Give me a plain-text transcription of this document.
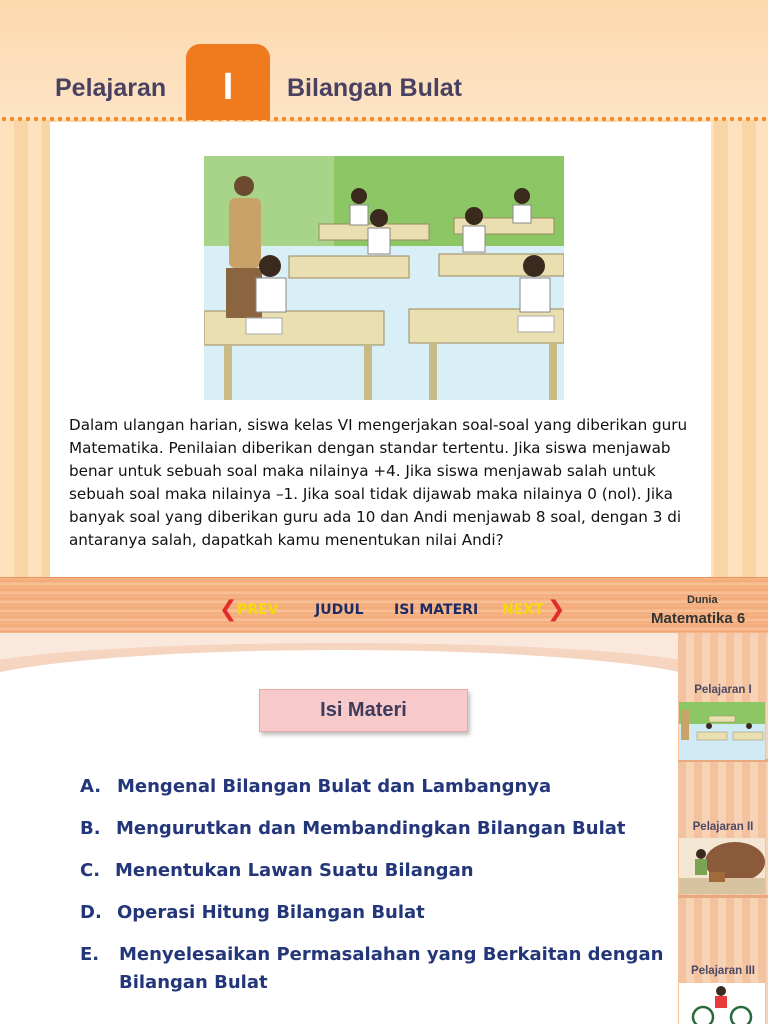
Pelajaran I Bilangan Bulat
Dalam ulangan harian, siswa kelas VI mengerjakan soal-soal yang diberikan guru
Matematika. Penilaian diberikan dengan standar tertentu. Jika siswa menjawab
benar untuk sebuah soal maka nilainya +4. Jika siswa menjawab salah untuk
sebuah soal maka nilainya –1. Jika soal tidak dijawab maka nilainya 0 (nol). Jika
banyak soal yang diberikan guru ada 10 dan Andi menjawab 8 soal, dengan 3 di
antaranya salah, dapatkah kamu menentukan nilai Andi?
❮ PREV	JUDUL ISI MATERI NEXT ❯	Dunia
Matematika 6
Pelajaran I
Pelajaran II
Pelajaran III
Isi Materi
A. Mengenal Bilangan Bulat dan Lambangnya
B. Mengurutkan dan Membandingkan Bilangan Bulat
C. Menentukan Lawan Suatu Bilangan
D. Operasi Hitung Bilangan Bulat
E. Menyelesaikan Permasalahan yang Berkaitan dengan
Bilangan Bulat
